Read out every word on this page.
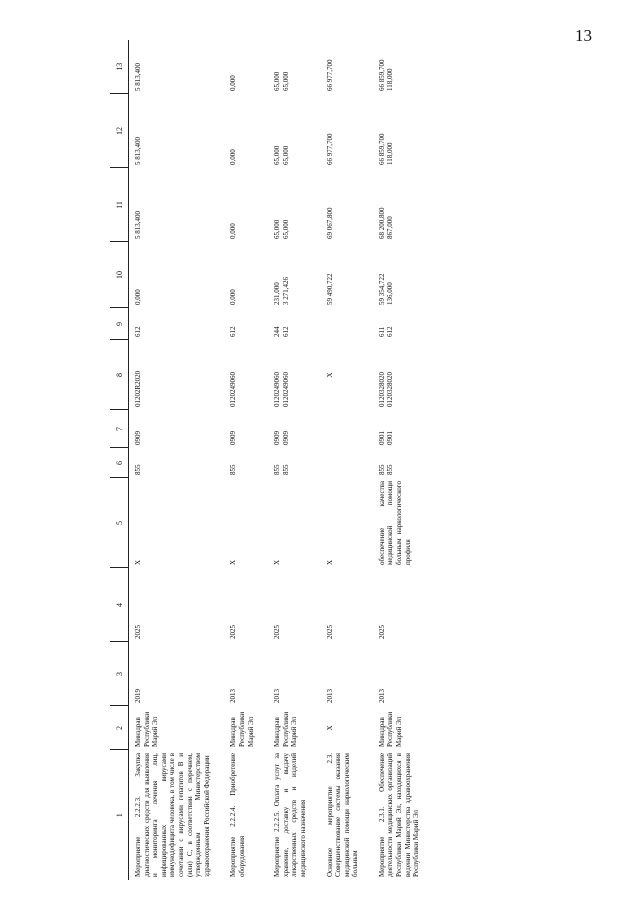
13
1	2	3	4	5	6	7	8	9	10	11	12	13
Мероприятие 2.2.2.3. Закупка диагностических средств для выявления и мониторинга лечения лиц, инфицированных вирусами иммунодефицита человека, в том числе в сочетании с вирусами гепатитов В и (или) С, в соответствии с перечнем, утвержденным Министерством здравоохранения Российской Федерации	Минздрав Республики Марий Эл	2019	2025	X	855	0909	01202R2020	612	0,000	5 813,400	5 813,400	5 813,400
Мероприятие 2.2.2.4. Приобретение оборудования	Минздрав Республики Марий Эл	2013	2025	X	855	0909	0120249060	612	0,000	0,000	0,000	0,000
Мероприятие 2.2.2.5. Оплата услуг за хранение, доставку и выдачу лекарственных средств и изделий медицинского назначения	Минздрав Республики Марий Эл	2013	2025	X	855 855	0909 0909	0120249060 0120249060	244 612	231,000 3 271,426	65,000 65,000	65,000 65,000	65,000 65,000

Основное мероприятие 2.3. Совершенствование системы оказания медицинской помощи наркологическим больным	X	2013	2025	X			X		59 490,722	69 067,800	66 977,700	66 977,700
Мероприятие 2.3.1. Обеспечение деятельности медицинских организаций Республики Марий Эл, находящихся в ведении Министерства здравоохранения Республики Марий Эл	Минздрав Республики Марий Эл	2013	2025	обеспечение качества медицинской помощи больным наркологического профиля	855 855	0901 0901	0120328020 0120328020	611 612	59 354,722 136,000	68 200,800 867,000	66 859,700 118,000	66 859,700 118,000
